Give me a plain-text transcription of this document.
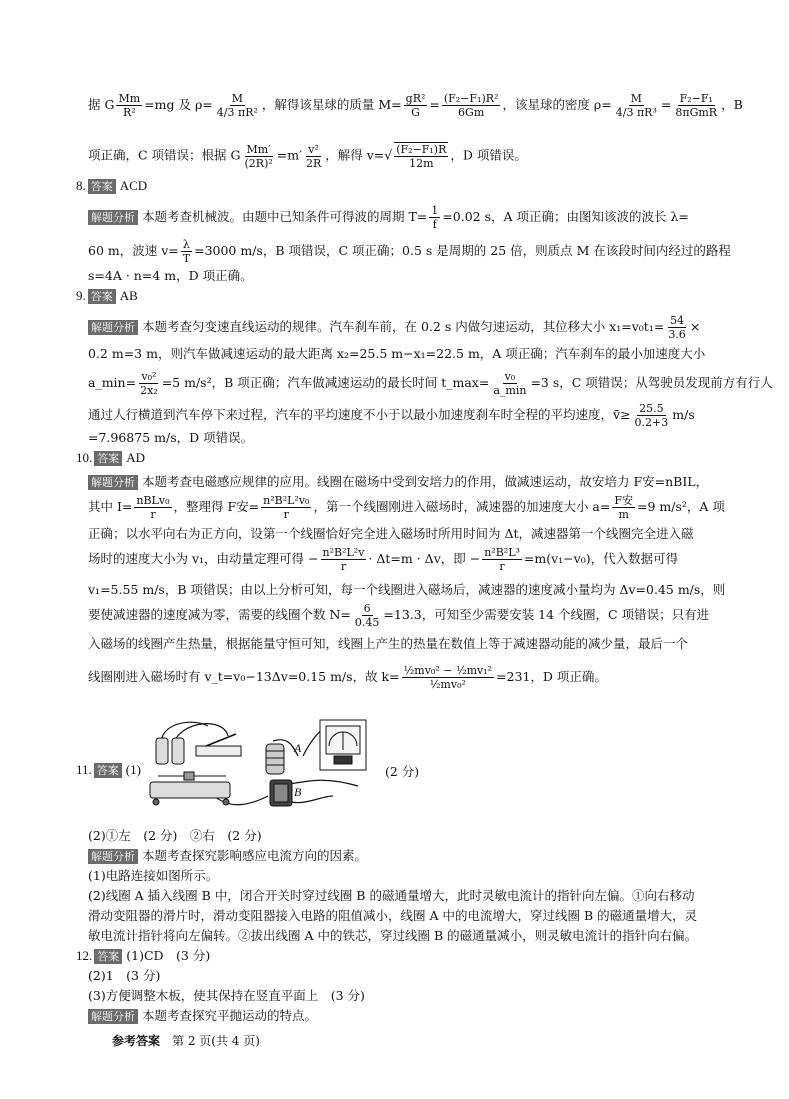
据 G $\frac{Mm}{\text{R²}} =mg$ 及 $\rho= \frac{M}{\text{4/3 πR²}}$ ，解得该星球的质量 $M= \frac{\text{gR²}}{G} = \frac{\text{(F₂−F₁)R²}}{6Gm}$ ，该星球的密度 $\rho= \frac{M}{\text{4/3 πR³}} = \frac{\text{F₂−F₁}}{\text{8πGmR}}$ ，B
项正确，C 项错误；根据 G $\frac{Mm'}{\text{(2R)²}} =m' \frac{\text{v²}}{2R}$ ，解得 $v=√ \frac{\text{(F₂−F₁)R}}{12m}$ ，D 项错误。
8. 答案 ACD
解题分析 本题考查机械波。由题中已知条件可得波的周期 $T= \frac{1}{f} =0.02$ s，A 项正确；由图知该波的波长 λ=
60 m，波速 $v= \frac{\lambda}{T} =3000$ m/s，B 项错误，C 项正确；0.5 s 是周期的 25 倍，则质点 M 在该段时间内经过的路程
s=4A · n=4 m，D 项正确。
9. 答案 AB
解题分析 本题考查匀变速直线运动的规律。汽车刹车前，在 0.2 s 内做匀速运动，其位移大小 $x_1=v_0t_1= \frac{54}{3.6}$ ×
0.2 m=3 m，则汽车做减速运动的最大距离 x₂=25.5 m−x₁=22.5 m，A 项正确；汽车刹车的最小加速度大小
a_min= $\frac{\text{v₀²}}{\text{2x₂}} =5$ m/s²，B 项正确；汽车做减速运动的最长时间 t_max= $\frac{\text{v₀}}{a\_\min} =3$ s，C 项错误；从驾驶员发现前方有行人
通过人行横道到汽车停下来过程，汽车的平均速度不小于以最小加速度刹车时全程的平均速度，v̄≥ $\frac{25.5}{0.2+3} m/s$
=7.96875 m/s，D 项错误。
10. 答案 AD
解题分析 本题考查电磁感应规律的应用。线圈在磁场中受到安培力的作用，做减速运动，故安培力 F安=nBIL，
其中 $I= \frac{\text{nBLv₀}}{r}$ ，整理得 F安= $\frac{\text{n²B²L²v₀}}{r}$ ，第一个线圈刚进入磁场时，减速器的加速度大小 $a= \frac{\text{F安}}{m} =9$ m/s²，A 项
正确；以水平向右为正方向，设第一个线圈恰好完全进入磁场时所用时间为 Δt，减速器第一个线圈完全进入磁
场时的速度大小为 v₁，由动量定理可得 − $\frac{\text{n²B²L²v}}{r} \cdot \Delta t=m \cdot \Delta v$，即 − $\frac{\text{n²B²L³}}{r} =m(v_1-v_0)$，代入数据可得
v₁=5.55 m/s，B 项错误；由以上分析可知，每一个线圈进入磁场后，减速器的速度减小量均为 Δv=0.45 m/s，则
要使减速器的速度减为零，需要的线圈个数 $N= \frac{6}{0.45} =13.3$，可知至少需要安装 14 个线圈，C 项错误；只有进
入磁场的线圈产生热量，根据能量守恒可知，线圈上产生的热量在数值上等于减速器动能的减少量，最后一个
线圈刚进入磁场时有 v_t=v₀−13Δv=0.15 m/s，故 $k= \frac{\text{½mv₀² − ½mv₁²}}{\text{½mv₀²}} =231$，D 项正确。
11. 答案 (1)	(2 分)
A
B
(2)①左　(2 分)　②右　(2 分)
解题分析 本题考查探究影响感应电流方向的因素。
(1)电路连接如图所示。
(2)线圈 A 插入线圈 B 中，闭合开关时穿过线圈 B 的磁通量增大，此时灵敏电流计的指针向左偏。①向右移动
滑动变阻器的滑片时，滑动变阻器接入电路的阻值减小，线圈 A 中的电流增大，穿过线圈 B 的磁通量增大，灵
敏电流计指针将向左偏转。②拔出线圈 A 中的铁芯，穿过线圈 B 的磁通量减小，则灵敏电流计的指针向右偏。
12. 答案 (1)CD　(3 分)
(2)1　(3 分)
(3)方便调整木板，使其保持在竖直平面上　(3 分)
解题分析 本题考查探究平抛运动的特点。
参考答案 第 2 页(共 4 页)
